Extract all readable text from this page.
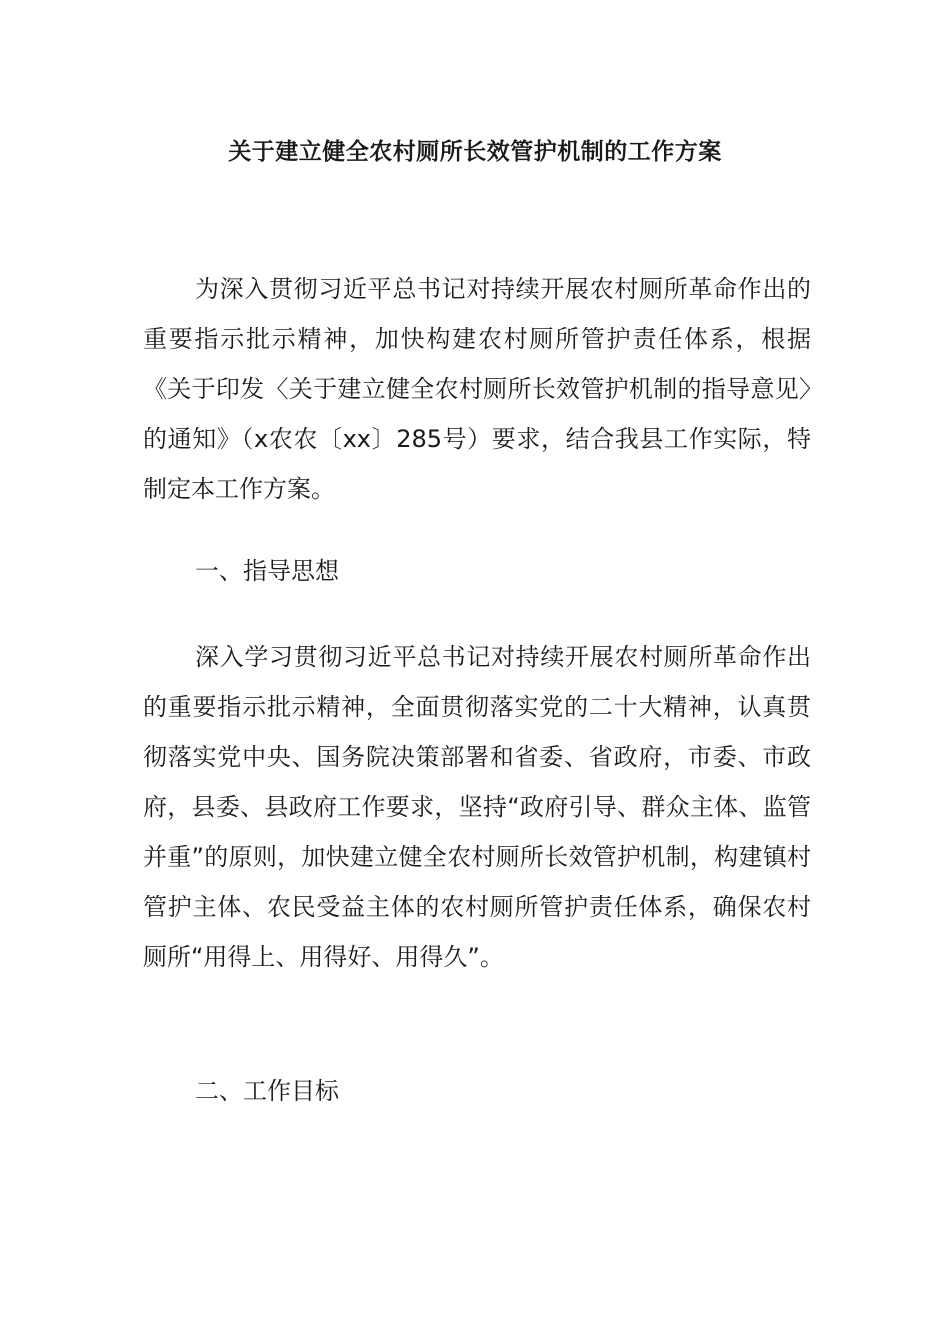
关于建立健全农村厕所长效管护机制的工作方案

为深入贯彻习近平总书记对持续开展农村厕所革命作出的重要指示批示精神，加快构建农村厕所管护责任体系，根据《关于印发〈关于建立健全农村厕所长效管护机制的指导意见〉的通知》（x农农〔xx〕285号）要求，结合我县工作实际，特制定本工作方案。

一、指导思想

深入学习贯彻习近平总书记对持续开展农村厕所革命作出的重要指示批示精神，全面贯彻落实党的二十大精神，认真贯彻落实党中央、国务院决策部署和省委、省政府，市委、市政府，县委、县政府工作要求，坚持“政府引导、群众主体、监管并重”的原则，加快建立健全农村厕所长效管护机制，构建镇村管护主体、农民受益主体的农村厕所管护责任体系，确保农村厕所“用得上、用得好、用得久”。

二、工作目标
